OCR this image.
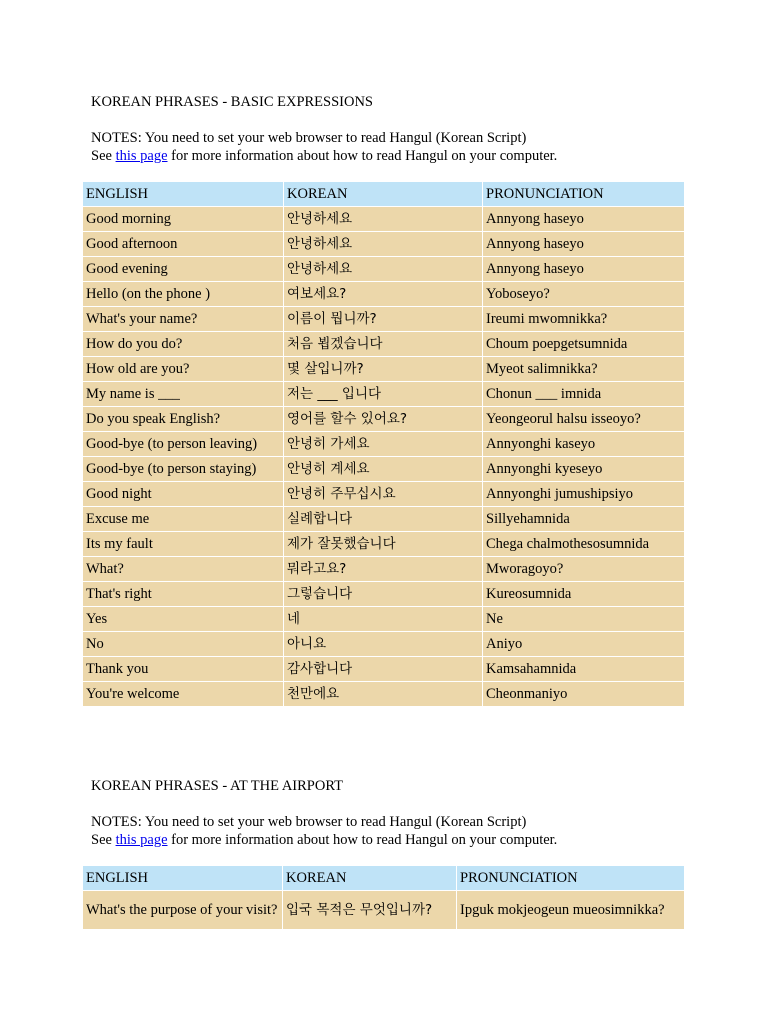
KOREAN PHRASES - BASIC EXPRESSIONS

NOTES: You need to set your web browser to read Hangul (Korean Script)

See this page for more information about how to read Hangul on your computer.

ENGLISH	KOREAN	PRONUNCIATION
Good morning	안녕하세요	Annyong haseyo
Good afternoon	안녕하세요	Annyong haseyo
Good evening	안녕하세요	Annyong haseyo
Hello (on the phone )	여보세요?	Yoboseyo?
What's your name?	이름이 뭡니까?	Ireumi mwomnikka?
How do you do?	처음 뵙겠습니다	Choum poepgetsumnida
How old are you?	몇 살입니까?	Myeot salimnikka?
My name is ___	저는 ___ 입니다	Chonun ___ imnida
Do you speak English?	영어를 할수 있어요?	Yeongeorul halsu isseoyo?
Good-bye (to person leaving)	안녕히 가세요	Annyonghi kaseyo
Good-bye (to person staying)	안녕히 계세요	Annyonghi kyeseyo
Good night	안녕히 주무십시요	Annyonghi jumushipsiyo
Excuse me	실례합니다	Sillyehamnida
Its my fault	제가 잘못했습니다	Chega chalmothesosumnida
What?	뭐라고요?	Mworagoyo?
That's right	그렇습니다	Kureosumnida
Yes	네	Ne
No	아니요	Aniyo
Thank you	감사합니다	Kamsahamnida
You're welcome	천만에요	Cheonmaniyo
KOREAN PHRASES - AT THE AIRPORT

NOTES: You need to set your web browser to read Hangul (Korean Script)

See this page for more information about how to read Hangul on your computer.

ENGLISH	KOREAN	PRONUNCIATION
What's the purpose of your visit?	입국 목적은 무엇입니까?	Ipguk mokjeogeun mueosimnikka?
